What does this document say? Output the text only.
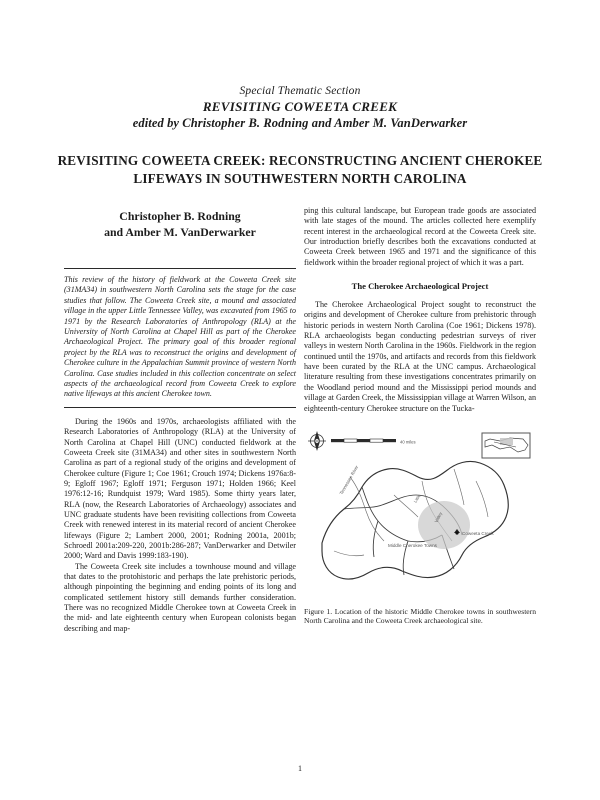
Special Thematic Section
REVISITING COWEETA CREEK
edited by Christopher B. Rodning and Amber M. VanDerwarker
REVISITING COWEETA CREEK: RECONSTRUCTING ANCIENT CHEROKEE LIFEWAYS IN SOUTHWESTERN NORTH CAROLINA
Christopher B. Rodning
and Amber M. VanDerwarker
This review of the history of fieldwork at the Coweeta Creek site (31MA34) in southwestern North Carolina sets the stage for the case studies that follow. The Coweeta Creek site, a mound and associated village in the upper Little Tennessee Valley, was excavated from 1965 to 1971 by the Research Laboratories of Anthropology (RLA) at the University of North Carolina at Chapel Hill as part of the Cherokee Archaeological Project. The primary goal of this broader regional project by the RLA was to reconstruct the origins and development of Cherokee culture in the Appalachian Summit province of western North Carolina. Case studies included in this collection concentrate on select aspects of the archaeological record from Coweeta Creek to explore native lifeways at this ancient Cherokee town.

During the 1960s and 1970s, archaeologists affiliated with the Research Laboratories of Anthropology (RLA) at the University of North Carolina at Chapel Hill (UNC) conducted fieldwork at the Coweeta Creek site (31MA34) and other sites in southwestern North Carolina as part of a regional study of the origins and development of Cherokee culture (Figure 1; Coe 1961; Crouch 1974; Dickens 1976a:8-9; Egloff 1967; Egloff 1971; Ferguson 1971; Holden 1966; Keel 1976:12-16; Rundquist 1979; Ward 1985). Some thirty years later, RLA (now, the Research Laboratories of Archaeology) associates and UNC graduate students have been revisiting collections from Coweeta Creek with renewed interest in its material record of ancient Cherokee lifeways (Figure 2; Lambert 2000, 2001; Rodning 2001a, 2001b; Schroedl 2001a:209-220, 2001b:286-287; VanDerwarker and Detwiler 2000; Ward and Davis 1999:183-190).

The Coweeta Creek site includes a townhouse mound and village that dates to the protohistoric and perhaps the late prehistoric periods, although pinpointing the beginning and ending points of its long and complicated settlement history still demands further consideration. There was no recognized Middle Cherokee town at Coweeta Creek in the mid- and late eighteenth century when European colonists began describing and map-

ping this cultural landscape, but European trade goods are associated with late stages of the mound. The articles collected here exemplify recent interest in the archaeological record at the Coweeta Creek site. Our introduction briefly describes both the excavations conducted at Coweeta Creek between 1965 and 1971 and the significance of this fieldwork within the broader regional project of which it was a part.

The Cherokee Archaeological Project

The Cherokee Archaeological Project sought to reconstruct the origins and development of Cherokee culture from prehistoric through historic periods in western North Carolina (Coe 1961; Dickens 1978). RLA archaeologists began conducting pedestrian surveys of river valleys in western North Carolina in the 1960s. Fieldwork in the region continued until the 1970s, and artifacts and records from this fieldwork have been curated by the RLA at the UNC campus. Archaeological literature resulting from these investigations concentrates primarily on the Woodland period mound and the Mississippi period mounds and village at Garden Creek, the Mississippian village at Warren Wilson, an eighteenth-century Cherokee structure on the Tucka-

40 miles
Coweeta Creek
Middle Cherokee Towns
Valley
Little
Tennessee River
Figure 1. Location of the historic Middle Cherokee towns in southwestern North Carolina and the Coweeta Creek archaeological site.
1
